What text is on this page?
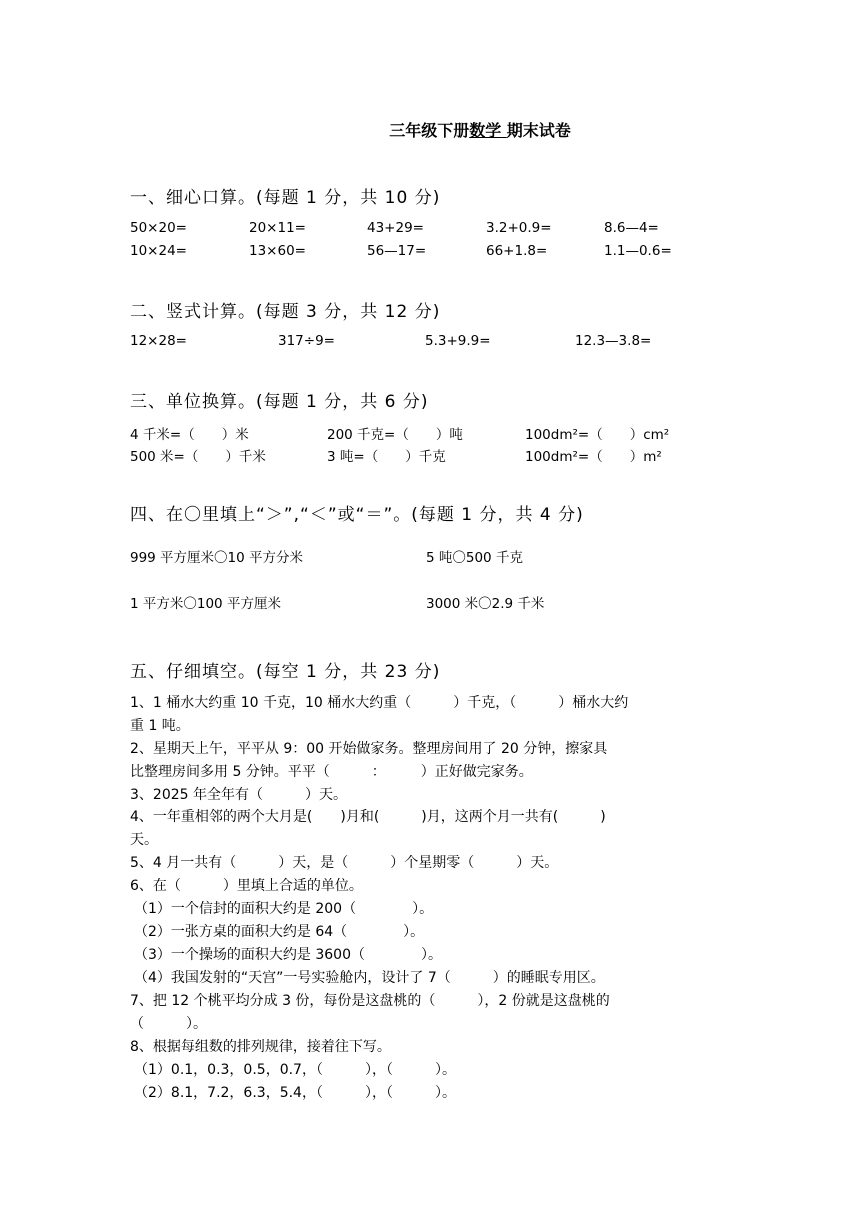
三年级下册数学 期末试卷
一、细心口算。(每题 1 分，共 10 分)
50×20=	20×11=	43+29=	3.2+0.9=	8.6—4=
10×24=	13×60=	56—17=	66+1.8=	1.1—0.6=
二、竖式计算。(每题 3 分，共 12 分)
12×28=	317÷9=	5.3+9.9=	12.3—3.8=
三、单位换算。(每题 1 分，共 6 分)
4 千米=（　　）米	200 千克=（　　）吨	100dm²=（　　）cm²
500 米=（　　）千米	3 吨=（　　）千克	100dm²=（　　）m²
四、在〇里填上“＞”,“＜”或“＝”。(每题 1 分，共 4 分)
999 平方厘米〇10 平方分米	5 吨〇500 千克
1 平方米〇100 平方厘米	3000 米〇2.9 千米
五、仔细填空。(每空 1 分，共 23 分)
1、1 桶水大约重 10 千克，10 桶水大约重（　　　）千克，（　　　）桶水大约
重 1 吨。
2、星期天上午，平平从 9：00 开始做家务。整理房间用了 20 分钟，擦家具
比整理房间多用 5 分钟。平平（　　　：　　　）正好做完家务。
3、2025 年全年有（　　　）天。
4、一年重相邻的两个大月是(　　)月和(　　　)月，这两个月一共有(　　　)
天。
5、4 月一共有（　　　）天，是（　　　）个星期零（　　　）天。
6、在（　　　）里填上合适的单位。
（1）一个信封的面积大约是 200（　　　　）。
（2）一张方桌的面积大约是 64（　　　　）。
（3）一个操场的面积大约是 3600（　　　　）。
（4）我国发射的“天宫”一号实验舱内，设计了 7（　　　）的睡眠专用区。
7、把 12 个桃平均分成 3 份，每份是这盘桃的（　　　），2 份就是这盘桃的
（　　　）。
8、根据每组数的排列规律，接着往下写。
（1）0.1，0.3，0.5，0.7，（　　　），（　　　）。
（2）8.1，7.2，6.3，5.4，（　　　），（　　　）。
